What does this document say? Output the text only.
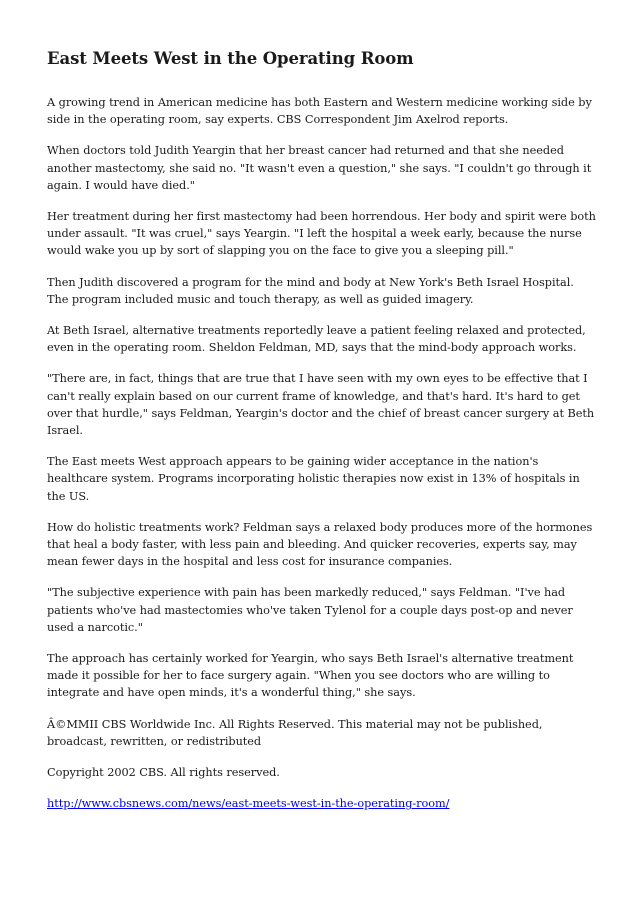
East Meets West in the Operating Room

A growing trend in American medicine has both Eastern and Western medicine working side by side in the operating room, say experts. CBS Correspondent Jim Axelrod reports.

When doctors told Judith Yeargin that her breast cancer had returned and that she needed another mastectomy, she said no. "It wasn't even a question," she says. "I couldn't go through it again. I would have died."

Her treatment during her first mastectomy had been horrendous. Her body and spirit were both under assault. "It was cruel," says Yeargin. "I left the hospital a week early, because the nurse would wake you up by sort of slapping you on the face to give you a sleeping pill."

Then Judith discovered a program for the mind and body at New York's Beth Israel Hospital. The program included music and touch therapy, as well as guided imagery.

At Beth Israel, alternative treatments reportedly leave a patient feeling relaxed and protected, even in the operating room. Sheldon Feldman, MD, says that the mind-body approach works.

"There are, in fact, things that are true that I have seen with my own eyes to be effective that I can't really explain based on our current frame of knowledge, and that's hard. It's hard to get over that hurdle," says Feldman, Yeargin's doctor and the chief of breast cancer surgery at Beth Israel.

The East meets West approach appears to be gaining wider acceptance in the nation's healthcare system. Programs incorporating holistic therapies now exist in 13% of hospitals in the US.

How do holistic treatments work? Feldman says a relaxed body produces more of the hormones that heal a body faster, with less pain and bleeding. And quicker recoveries, experts say, may mean fewer days in the hospital and less cost for insurance companies.

"The subjective experience with pain has been markedly reduced," says Feldman. "I've had patients who've had mastectomies who've taken Tylenol for a couple days post-op and never used a narcotic."

The approach has certainly worked for Yeargin, who says Beth Israel's alternative treatment made it possible for her to face surgery again. "When you see doctors who are willing to integrate and have open minds, it's a wonderful thing," she says.

Â©MMII CBS Worldwide Inc. All Rights Reserved. This material may not be published, broadcast, rewritten, or redistributed

Copyright 2002 CBS. All rights reserved.

http://www.cbsnews.com/news/east-meets-west-in-the-operating-room/
